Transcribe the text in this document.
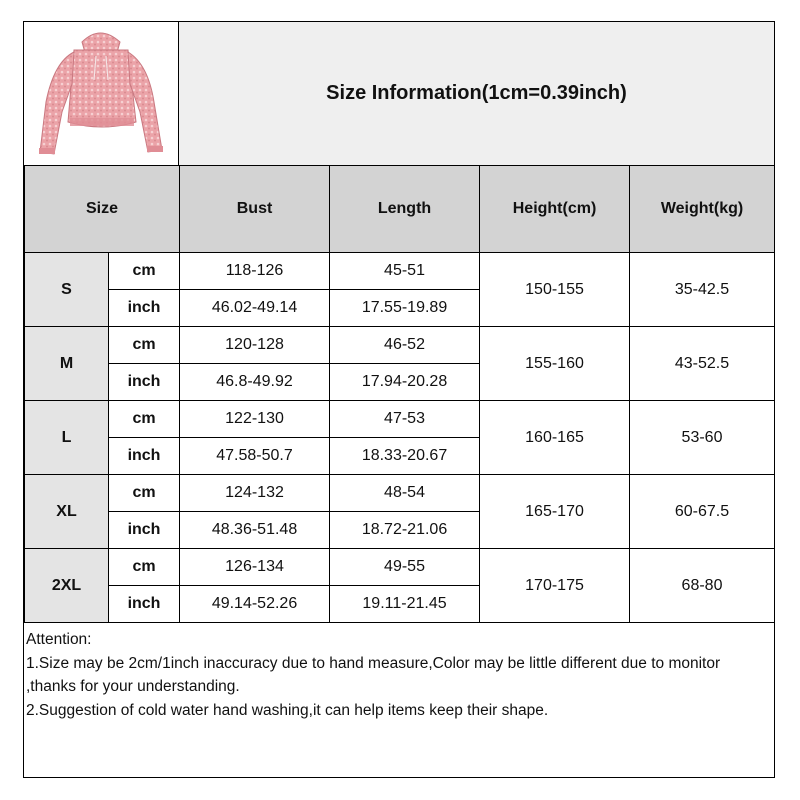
Size Information(1cm=0.39inch)
Size		Bust	Length	Height(cm)	Weight(kg)
S	cm	118-126	45-51	150-155	35-42.5
	inch	46.02-49.14	17.55-19.89		
M	cm	120-128	46-52	155-160	43-52.5
	inch	46.8-49.92	17.94-20.28		
L	cm	122-130	47-53	160-165	53-60
	inch	47.58-50.7	18.33-20.67		
XL	cm	124-132	48-54	165-170	60-67.5
	inch	48.36-51.48	18.72-21.06		
2XL	cm	126-134	49-55	170-175	68-80
	inch	49.14-52.26	19.11-21.45		

Attention:

1.Size may be 2cm/1inch inaccuracy due to hand measure,Color may be little different due to monitor ,thanks for your understanding.

2.Suggestion of cold water hand washing,it can help items keep their shape.
